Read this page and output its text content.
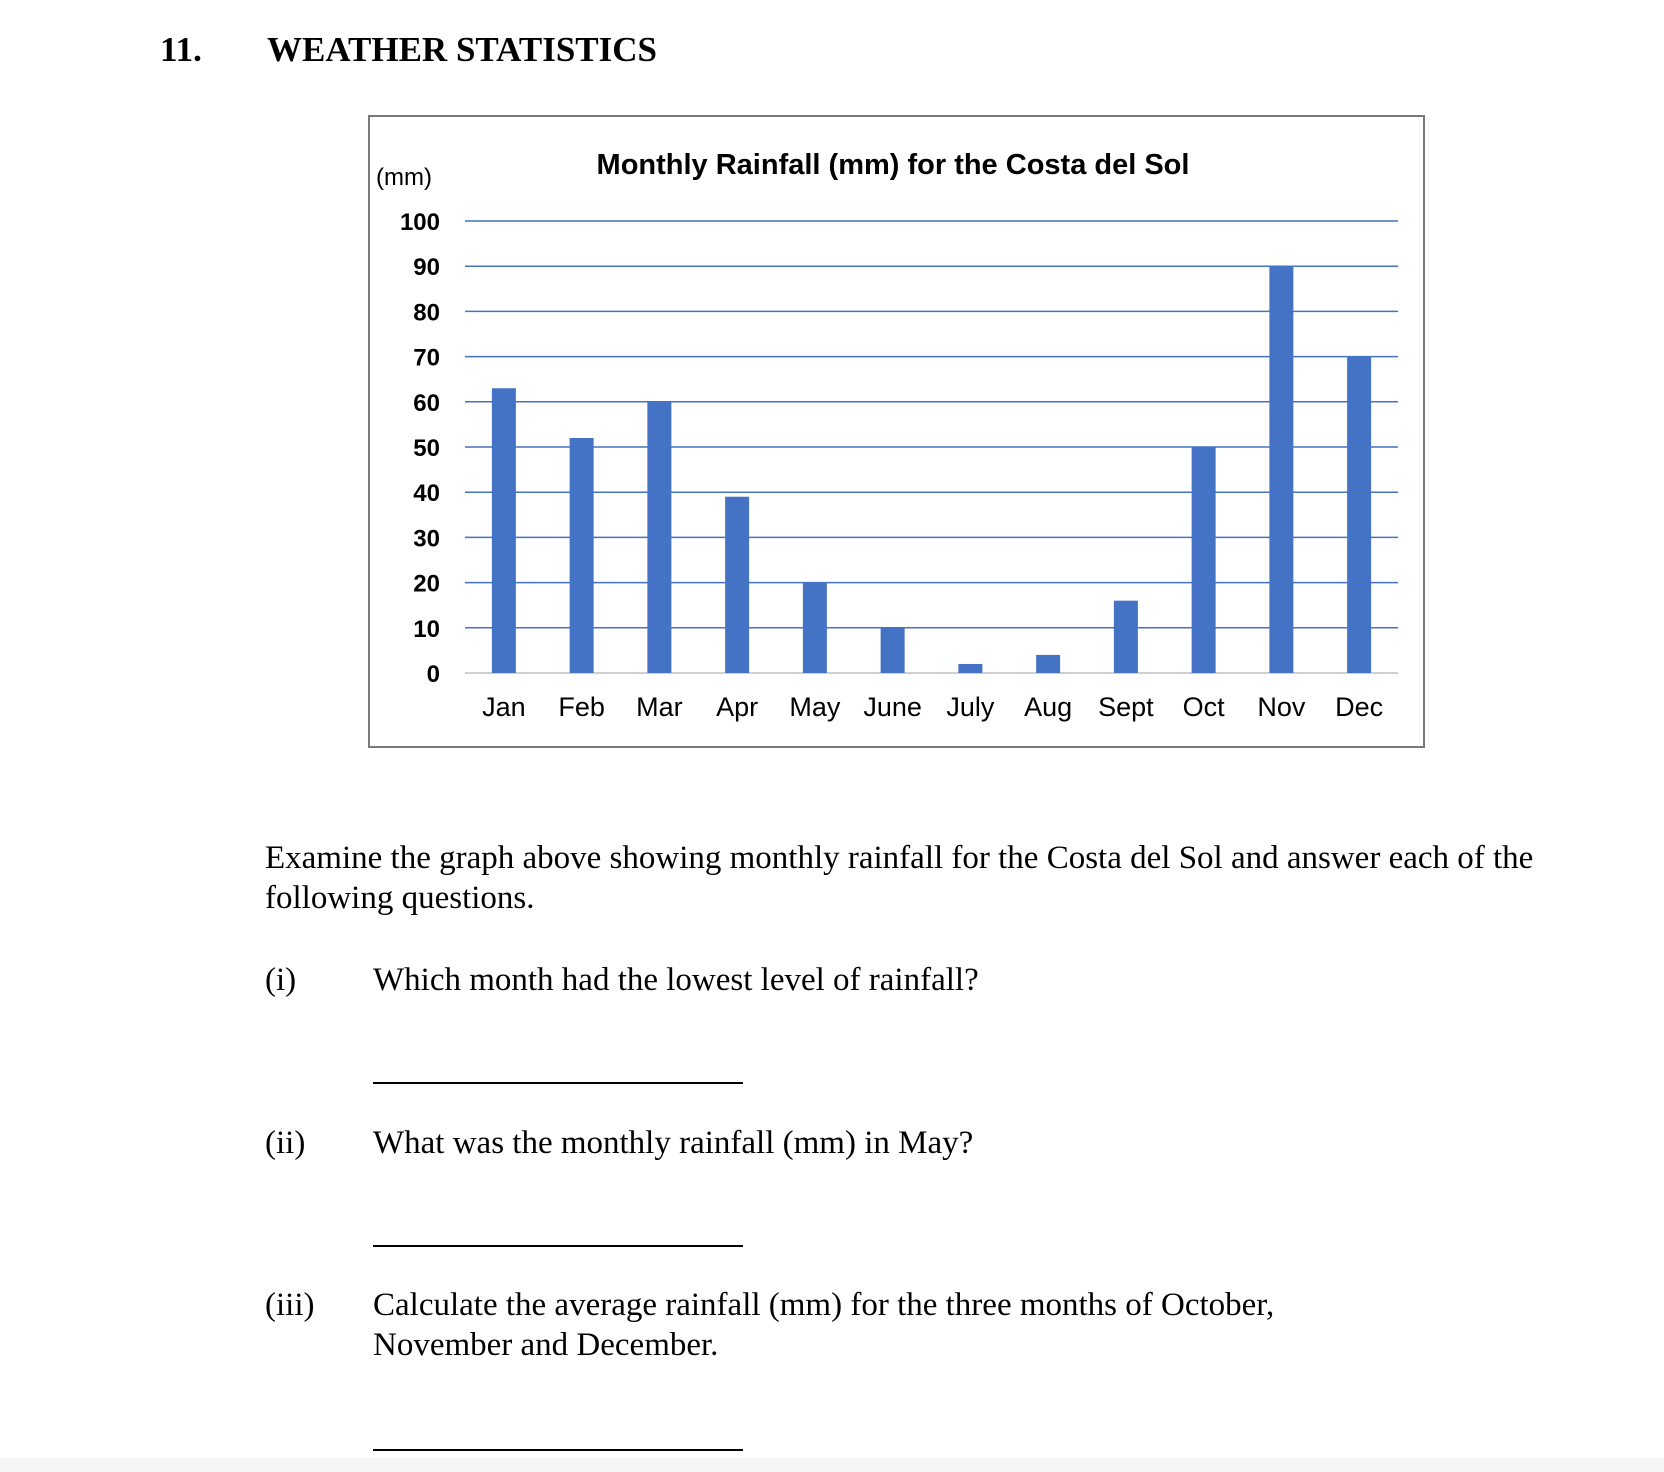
11. WEATHER STATISTICS
Monthly Rainfall (mm) for the Costa del Sol
(mm)
0
10
20
30
40
50
60
70
80
90
100
Jan Feb Mar Apr May June July Aug Sept Oct Nov Dec
Examine the graph above showing monthly rainfall for the Costa del Sol and answer each of the following questions.
(i) Which month had the lowest level of rainfall?
(ii) What was the monthly rainfall (mm) in May?
(iii) Calculate the average rainfall (mm) for the three months of October, November and December.
